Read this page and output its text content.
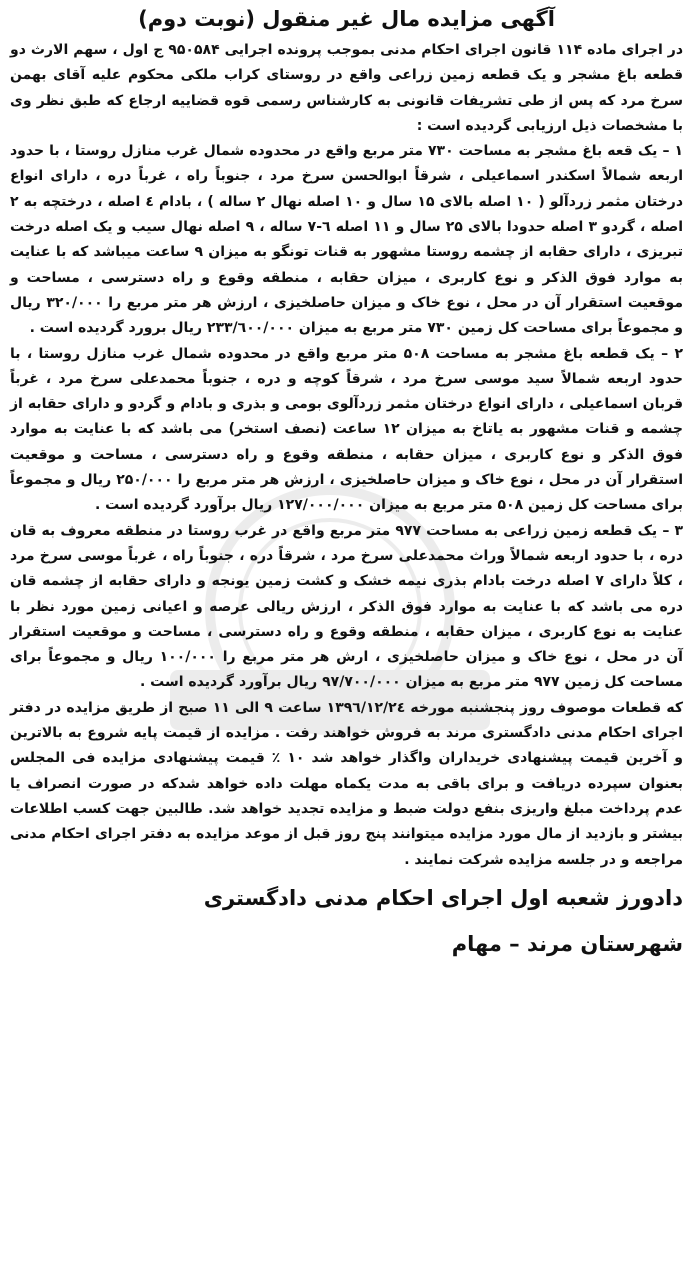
آگهی مزایده مال غیر منقول (نوبت دوم)

در اجرای ماده ۱۱۴ قانون اجرای احکام مدنی بموجب پرونده اجرایی ۹۵۰۵۸۴ ج اول ، سهم الارث دو قطعه باغ مشجر و یک قطعه زمین زراعی واقع در روستای کراب ملکی محکوم علیه آقای بهمن سرخ مرد که پس از طی تشریفات قانونی به کارشناس رسمی قوه قضاییه ارجاع که طبق نظر وی با مشخصات ذیل ارزیابی گردیده است :

۱ – یک قعه باغ مشجر به مساحت ۷۳۰ متر مربع واقع در محدوده شمال غرب منازل روستا ، با حدود اربعه شمالاً اسکندر اسماعیلی ، شرقاً ابوالحسن سرخ مرد ، جنوباً راه ، غرباً دره ، دارای انواع درختان مثمر زردآلو ( ۱۰ اصله بالای ۱۵ سال و ۱۰ اصله نهال ۲ ساله ) ، بادام ٤ اصله ، درختچه به ۲ اصله ، گردو ۳ اصله حدودا بالای ۲۵ سال و ۱۱ اصله ٦-۷ ساله ، ۹ اصله نهال سیب و یک اصله درخت تبریزی ، دارای حقابه از چشمه روستا مشهور به قنات تونگو به میزان ۹ ساعت میباشد که با عنایت به موارد فوق الذکر و نوع کاربری ، میزان حقابه ، منطقه وقوع و راه دسترسی ، مساحت و موقعیت استقرار آن در محل ، نوع خاک و میزان حاصلخیزی ، ارزش هر متر مربع را ۳۲۰/۰۰۰ ریال و مجموعاً برای مساحت کل زمین ۷۳۰ متر مربع به میزان ۲۳۳/٦۰۰/۰۰۰ ریال بر‌ورد گردیده است .

۲ – یک قطعه باغ مشجر به مساحت ۵۰۸ متر مربع واقع در محدوده شمال غرب منازل روستا ، با حدود اربعه شمالاً سید موسی سرخ مرد ، شرقاً کوچه و دره ، جنوباً محمدعلی سرخ مرد ، غرباً قربان اسماعیلی ، دارای انواع درختان مثمر زردآلوی بومی و بذری و بادام و گردو و دارای حقابه از چشمه و قنات مشهور به یاتاخ به میزان ۱۲ ساعت (نصف استخر) می باشد که با عنایت به موارد فوق الذکر و نوع کاربری ، میزان حقابه ، منطقه وقوع و راه دسترسی ، مساحت و موقعیت استقرار آن در محل ، نوع خاک و میزان حاصلخیزی ، ارزش هر متر مربع را ۲۵۰/۰۰۰ ریال و مجموعاً برای مساحت کل زمین ۵۰۸ متر مربع به میزان ۱۲۷/۰۰۰/۰۰۰ ریال برآورد گردیده است .

۳ – یک قطعه زمین زراعی به مساحت ۹۷۷ متر مربع واقع در غرب روستا در منطقه معروف به قان دره ، با حدود اربعه شمالاً وراث محمدعلی سرخ مرد ، شرقاً دره ، جنوباً راه ، غرباً موسی سرخ مرد ، کلاً دارای ۷ اصله درخت بادام بذری نیمه خشک و کشت زمین یونجه و دارای حقابه از چشمه قان دره می باشد که با عنایت به موارد فوق الذکر ، ارزش ریالی عرصه و اعیانی زمین مورد نظر با عنایت به نوع کاربری ، میزان حقابه ، منطقه وقوع و راه دسترسی ، مساحت و موقعیت استقرار آن در محل ، نوع خاک و میزان حاصلخیزی ، ارش هر متر مربع را ۱۰۰/۰۰۰ ریال و مجموعاً برای مساحت کل زمین ۹۷۷ متر مربع به میزان ۹۷/۷۰۰/۰۰۰ ریال برآورد گردیده است .

که قطعات موصوف روز پنجشنبه مورخه ۱۳۹٦/۱۲/۲٤ ساعت ۹ الی ۱۱ صبح از طریق مزایده در دفتر اجرای احکام مدنی دادگستری مرند به فروش خواهند رفت . مزایده از قیمت پایه شروع به بالاترین و آخرین قیمت پیشنهادی خریداران واگذار خواهد شد ۱۰ ٪ قیمت پیشنهادی مزایده فی المجلس بعنوان سپرده دریافت و برای باقی به مدت یکماه مهلت داده خواهد شدکه در صورت انصراف یا عدم پرداخت مبلغ واریزی بنفع دولت ضبط و مزایده تجدید خواهد شد. طالبین جهت کسب اطلاعات بیشتر و بازدید از مال مورد مزایده میتوانند پنج روز قبل از موعد مزایده به دفتر اجرای احکام مدنی مراجعه و در جلسه مزایده شرکت نمایند .

دادورز شعبه اول اجرای احکام مدنی دادگستری
شهرستان مرند – مهام
